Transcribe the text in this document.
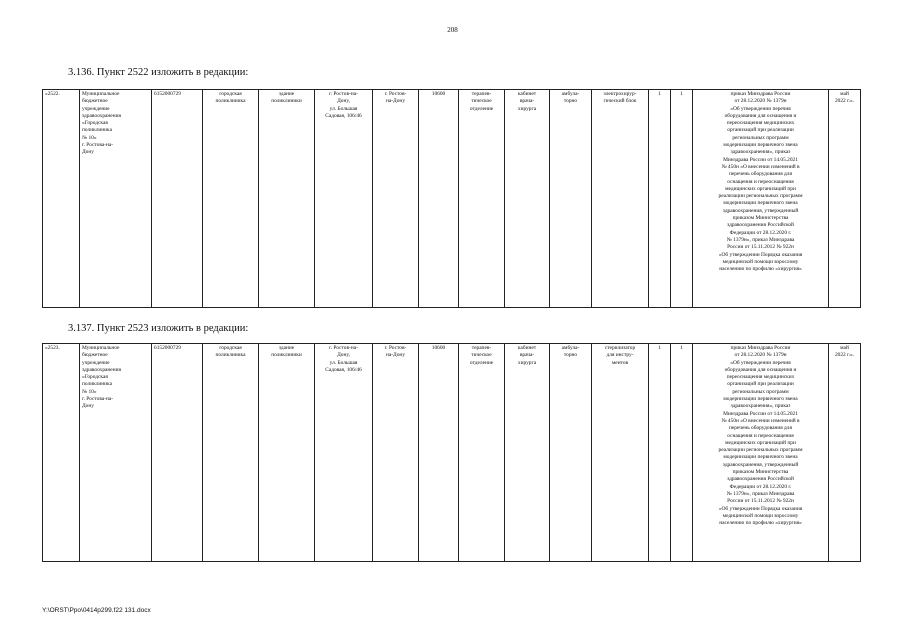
208
3.136. Пункт 2522 изложить в редакции:
«2522.	Муниципальное
бюджетное
учреждение
здравоохранения
«Городская
поликлиника
№ 10»
г. Ростова-на-
Дону	6152000729	городская
поликлиника	здание
поликлиники	г. Ростов-на-
Дону,
ул. Большая
Садовая, 106/46	г. Ростов-
на-Дону	10600	терапев-
тическое
отделение	кабинет
врача-
хирурга	амбула-
торно	электрохирур-
гический блок	1	1	приказ Минздрава России
от 28.12.2020 № 1379н
«Об утверждении перечня
оборудования для оснащения и
переоснащения медицинских
организаций при реализации
региональных программ
модернизации первичного звена
здравоохранения», приказ
Минздрава России от 14.05.2021
№ 450н «О внесении изменений в
перечень оборудования для
оснащения и переоснащения
медицинских организаций при
реализации региональных программ
модернизации первичного звена
здравоохранения, утвержденный
приказом Министерства
здравоохранения Российской
Федерации от 28.12.2020 г.
№ 1379н», приказ Минздрава
России от 15.11.2012 № 922н
«Об утверждении Порядка оказания
медицинской помощи взрослому
населению по профилю «хирургия»	май
2022 г.».
3.137. Пункт 2523 изложить в редакции:
«2523.	Муниципальное
бюджетное
учреждение
здравоохранения
«Городская
поликлиника
№ 10»
г. Ростова-на-
Дону	6152000729	городская
поликлиника	здание
поликлиники	г. Ростов-на-
Дону,
ул. Большая
Садовая, 106/46	г. Ростов-
на-Дону	10600	терапев-
тическое
отделение	кабинет
врача-
хирурга	амбула-
торно	стерилизатор
для инстру-
ментов	1	1	приказ Минздрава России
от 28.12.2020 № 1379н
«Об утверждении перечня
оборудования для оснащения и
переоснащения медицинских
организаций при реализации
региональных программ
модернизации первичного звена
здравоохранения», приказ
Минздрава России от 14.05.2021
№ 450н «О внесении изменений в
перечень оборудования для
оснащения и переоснащения
медицинских организаций при
реализации региональных программ
модернизации первичного звена
здравоохранения, утвержденный
приказом Министерства
здравоохранения Российской
Федерации от 28.12.2020 г.
№ 1379н», приказ Минздрава
России от 15.11.2012 № 922н
«Об утверждении Порядка оказания
медицинской помощи взрослому
населению по профилю «хирургия»	май
2022 г.».
Y:\ORST\Ppo\0414p299.f22 131.docx
